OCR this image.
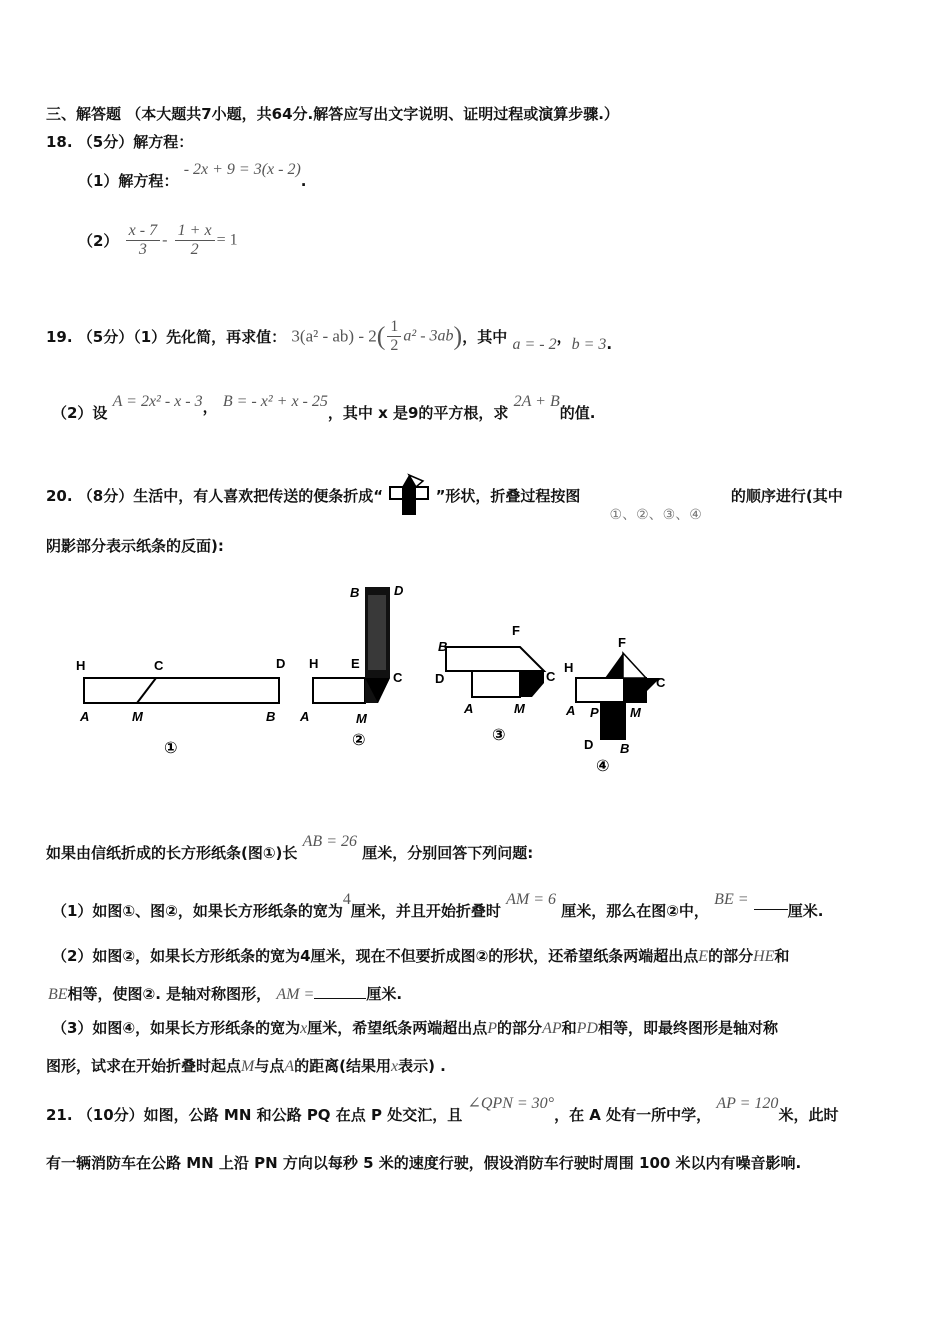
三、解答题 （本大题共7小题，共64分.解答应写出文字说明、证明过程或演算步骤.）
18. （5分）解方程：
（1）解方程： - 2x + 9 = 3(x - 2).
$(2) \frac{x - 7}{3} - \frac{1 + x}{2} = 1$
19. （5分）（1）先化简，再求值： $3(a^2 - ab) - 2( \frac{1}{2} a^2 - 3ab)$，其中 a = - 2，b = 3.
（2）设 A = 2x² - x - 3， B = - x² + x - 25，其中 x 是9的平方根，求 2A + B的值.
20. （8分）生活中，有人喜欢把传送的便条折成“	”形状，折叠过程按图 ①、②、③、④ 的顺序进行(其中
阴影部分表示纸条的反面):
H	C	D
A	M	B
①
B	D
H	E
C
A	M
②
F
B
D	C
A	M
③
F
H
C
A P M
D B
④
如果由信纸折成的长方形纸条(图①)长 AB = 26 厘米，分别回答下列问题:
（1）如图①、图②，如果长方形纸条的宽为4厘米，并且开始折叠时 AM = 6 厘米，那么在图②中， BE = 厘米.
（2）如图②，如果长方形纸条的宽为4厘米，现在不但要折成图②的形状，还希望纸条两端超出点E的部分HE和
BE相等，使图②. 是轴对称图形， AM =	厘米.
（3）如图④，如果长方形纸条的宽为x厘米，希望纸条两端超出点P的部分AP和PD相等，即最终图形是轴对称
图形，试求在开始折叠时起点M与点A的距离(结果用x表示) .
21. （10分）如图，公路 MN 和公路 PQ 在点 P 处交汇，且 ∠QPN = 30°，在 A 处有一所中学， AP = 120米，此时
有一辆消防车在公路 MN 上沿 PN 方向以每秒 5 米的速度行驶，假设消防车行驶时周围 100 米以内有噪音影响.
